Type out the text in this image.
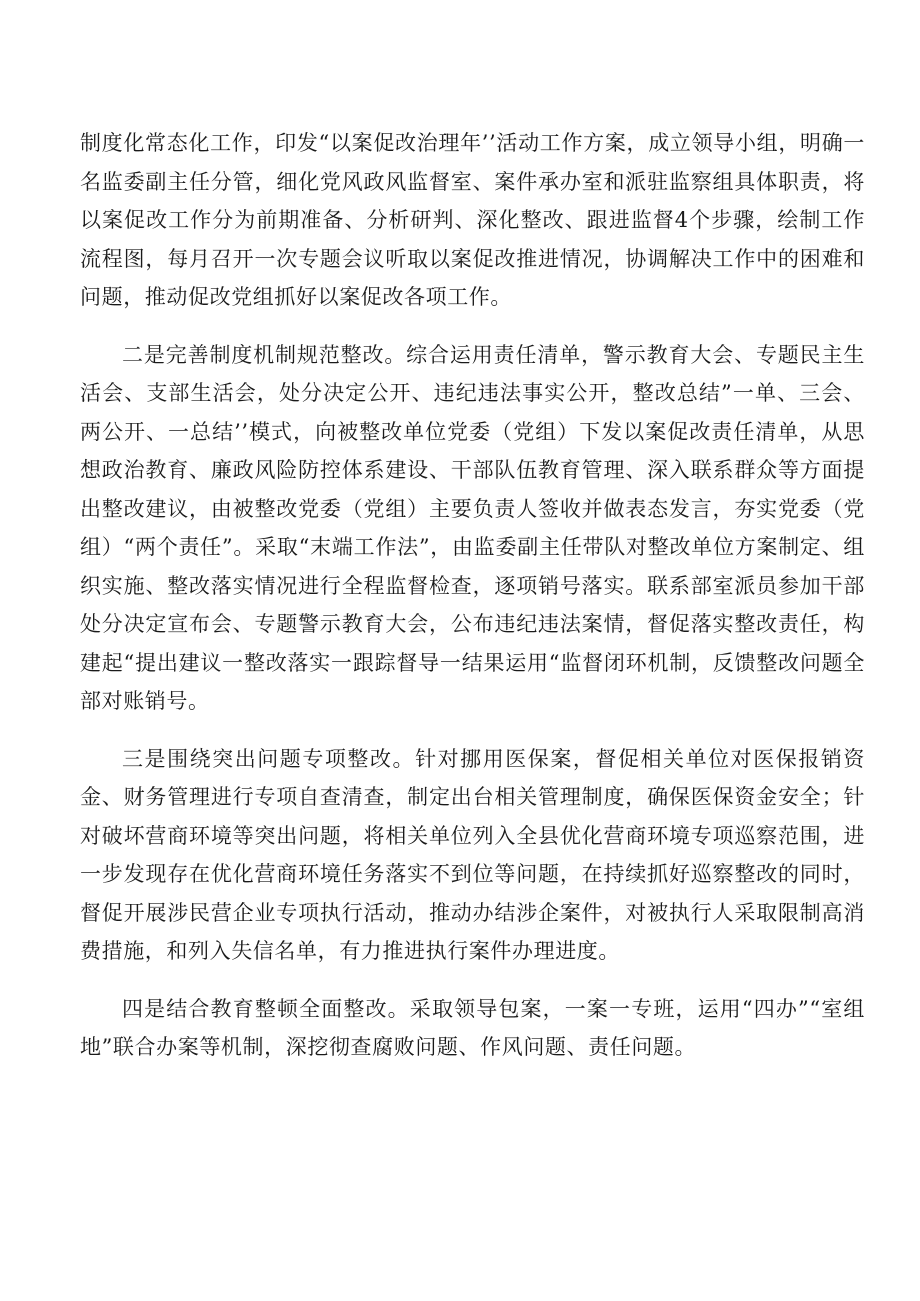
制度化常态化工作，印发“以案促改治理年’’活动工作方案，成立领导小组，明确一名监委副主任分管，细化党风政风监督室、案件承办室和派驻监察组具体职责，将以案促改工作分为前期准备、分析研判、深化整改、跟进监督4个步骤，绘制工作流程图，每月召开一次专题会议听取以案促改推进情况，协调解决工作中的困难和问题，推动促改党组抓好以案促改各项工作。

二是完善制度机制规范整改。综合运用责任清单，警示教育大会、专题民主生活会、支部生活会，处分决定公开、违纪违法事实公开，整改总结”一单、三会、两公开、一总结’’模式，向被整改单位党委（党组）下发以案促改责任清单，从思想政治教育、廉政风险防控体系建设、干部队伍教育管理、深入联系群众等方面提出整改建议，由被整改党委（党组）主要负责人签收并做表态发言，夯实党委（党组）“两个责任”。采取“末端工作法”，由监委副主任带队对整改单位方案制定、组织实施、整改落实情况进行全程监督检查，逐项销号落实。联系部室派员参加干部处分决定宣布会、专题警示教育大会，公布违纪违法案情，督促落实整改责任，构建起“提出建议一整改落实一跟踪督导一结果运用“监督闭环机制，反馈整改问题全部对账销号。

三是围绕突出问题专项整改。针对挪用医保案，督促相关单位对医保报销资金、财务管理进行专项自查清查，制定出台相关管理制度，确保医保资金安全；针对破坏营商环境等突出问题，将相关单位列入全县优化营商环境专项巡察范围，进一步发现存在优化营商环境任务落实不到位等问题，在持续抓好巡察整改的同时，督促开展涉民营企业专项执行活动，推动办结涉企案件，对被执行人采取限制高消费措施，和列入失信名单，有力推进执行案件办理进度。

四是结合教育整顿全面整改。采取领导包案，一案一专班，运用“四办”“室组地”联合办案等机制，深挖彻查腐败问题、作风问题、责任问题。
